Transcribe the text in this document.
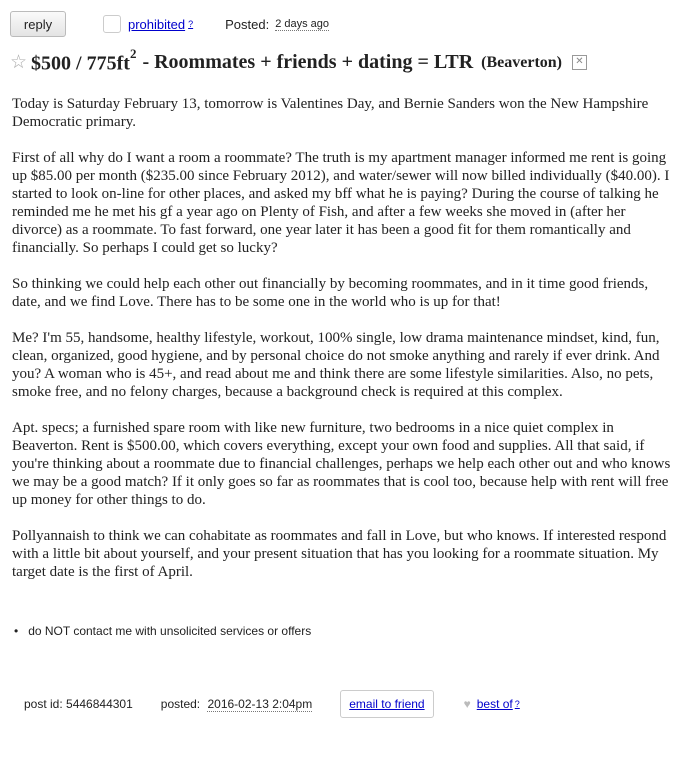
reply	prohibited ? Posted: 2 days ago
☆ $500 / $775ft^2$ - Roommates + friends + dating = LTR (Beaverton)	✕

Today is Saturday February 13, tomorrow is Valentines Day, and Bernie Sanders won the New Hampshire Democratic primary.

First of all why do I want a room a roommate? The truth is my apartment manager informed me rent is going up $85.00 per month ($235.00 since February 2012), and water/sewer will now billed individually ($40.00). I started to look on-line for other places, and asked my bff what he is paying? During the course of talking he reminded me he met his gf a year ago on Plenty of Fish, and after a few weeks she moved in (after her divorce) as a roommate. To fast forward, one year later it has been a good fit for them romantically and financially. So perhaps I could get so lucky?

So thinking we could help each other out financially by becoming roommates, and in it time good friends, date, and we find Love. There has to be some one in the world who is up for that!

Me? I'm 55, handsome, healthy lifestyle, workout, 100% single, low drama maintenance mindset, kind, fun, clean, organized, good hygiene, and by personal choice do not smoke anything and rarely if ever drink. And you? A woman who is 45+, and read about me and think there are some lifestyle similarities. Also, no pets, smoke free, and no felony charges, because a background check is required at this complex.

Apt. specs; a furnished spare room with like new furniture, two bedrooms in a nice quiet complex in Beaverton. Rent is $500.00, which covers everything, except your own food and supplies. All that said, if you're thinking about a roommate due to financial challenges, perhaps we help each other out and who knows we may be a good match? If it only goes so far as roommates that is cool too, because help with rent will free up money for other things to do.

Pollyannaish to think we can cohabitate as roommates and fall in Love, but who knows. If interested respond with a little bit about yourself, and your present situation that has you looking for a roommate situation. My target date is the first of April.

• do NOT contact me with unsolicited services or offers
post id: 5446844301 posted: 2016-02-13 2:04pm	email to friend	♥ best of ?
